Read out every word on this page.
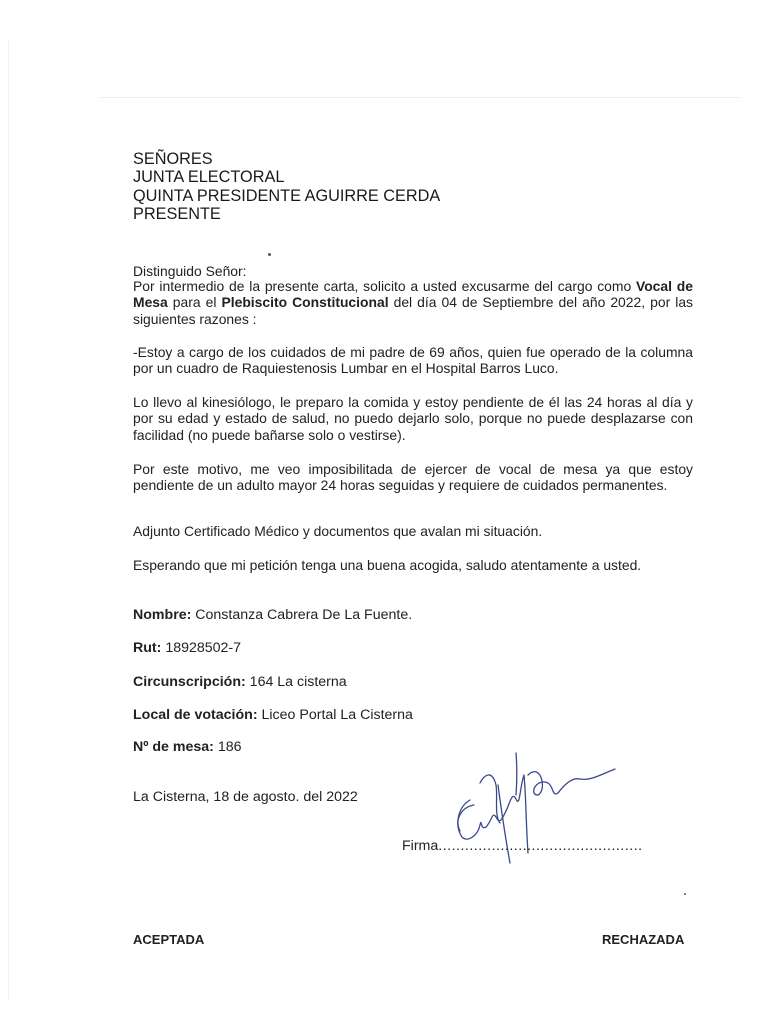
SEÑORES
JUNTA ELECTORAL
QUINTA PRESIDENTE AGUIRRE CERDA
PRESENTE
Distinguido Señor:
Por intermedio de la presente carta, solicito a usted excusarme del cargo como Vocal de Mesa para el Plebiscito Constitucional del día 04 de Septiembre del año 2022, por las siguientes razones :
-Estoy a cargo de los cuidados de mi padre de 69 años, quien fue operado de la columna por un cuadro de Raquiestenosis Lumbar en el Hospital Barros Luco.
Lo llevo al kinesiólogo, le preparo la comida y estoy pendiente de él las 24 horas al día y por su edad y estado de salud, no puedo dejarlo solo, porque no puede desplazarse con facilidad (no puede bañarse solo o vestirse).
Por este motivo, me veo imposibilitada de ejercer de vocal de mesa ya que estoy pendiente de un adulto mayor 24 horas seguidas y requiere de cuidados permanentes.
Adjunto Certificado Médico y documentos que avalan mi situación.
Esperando que mi petición tenga una buena acogida, saludo atentamente a usted.
Nombre: Constanza Cabrera De La Fuente.
Rut: 18928502-7
Circunscripción: 164 La cisterna
Local de votación: Liceo Portal La Cisterna
Nº de mesa: 186
La Cisterna, 18 de agosto. del 2022
Firma..............................................
ACEPTADA	RECHAZADA
